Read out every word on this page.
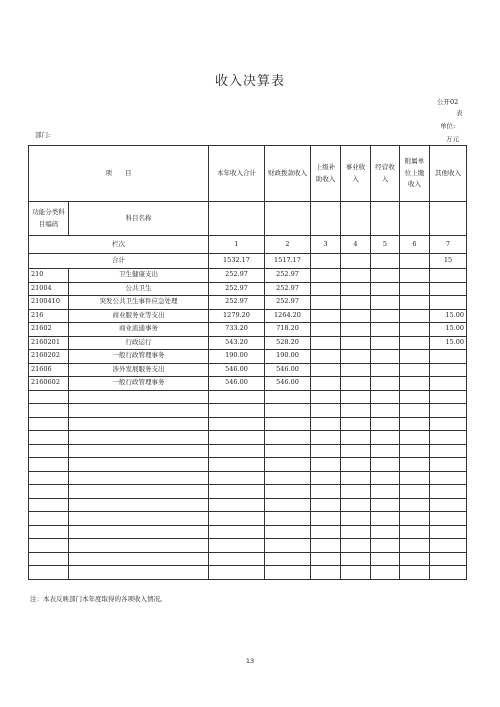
收入决算表
公开02
表
单位:
部门:	万元
项　　目		本年收入合计	财政拨款收入	上级补助收入	事业收入	经营收入	附属单位上缴收入	其他收入
功能分类科目编码	科目名称							
栏次		1	2	3	4	5	6	7
合计		1532.17	1517.17					15
210	卫生健康支出	252.97	252.97					
21004	公共卫生	252.97	252.97					
2100410	突发公共卫生事件应急处理	252.97	252.97					
216	商业服务业等支出	1279.20	1264.20					15.00
21602	商业流通事务	733.20	718.20					15.00
2160201	行政运行	543.20	528.20					15.00
2160202	一般行政管理事务	190.00	190.00					
21606	涉外发展服务支出	546.00	546.00					
2160602	一般行政管理事务	546.00	546.00					

注：本表反映部门本年度取得的各项收入情况。
13
